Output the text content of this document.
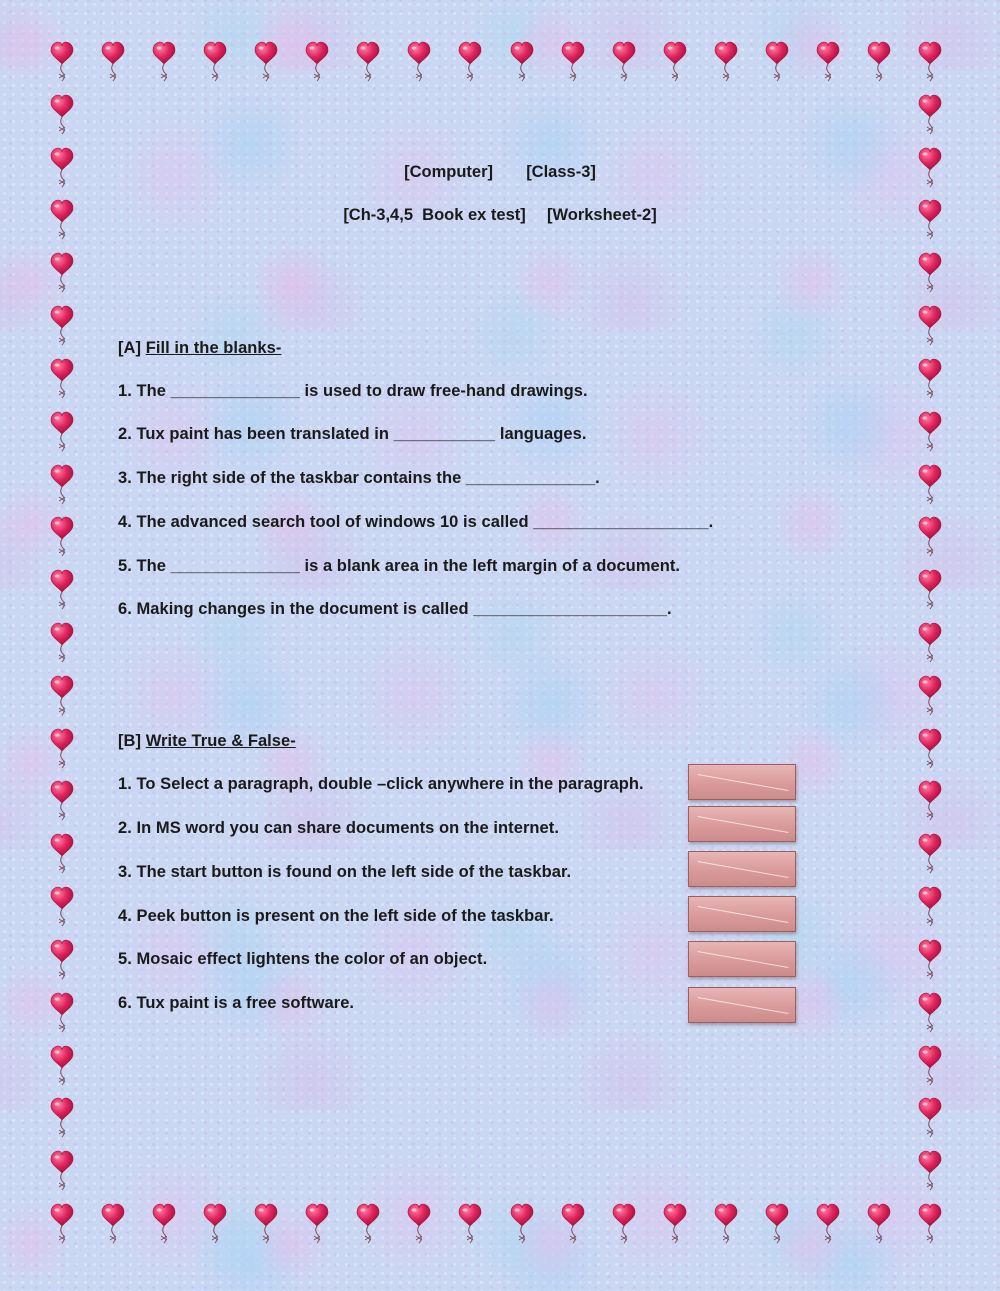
[Computer] [Class-3]
[Ch-3,4,5  Book ex test] [Worksheet-2]
[A] Fill in the blanks-
1. The ______________ is used to draw free-hand drawings.
2. Tux paint has been translated in ___________ languages.
3. The right side of the taskbar contains the ______________.
4. The advanced search tool of windows 10 is called ___________________.
5. The ______________ is a blank area in the left margin of a document.
6. Making changes in the document is called _____________________.
[B] Write True & False-
1. To Select a paragraph, double –click anywhere in the paragraph.
2. In MS word you can share documents on the internet.
3. The start button is found on the left side of the taskbar.
4. Peek button is present on the left side of the taskbar.
5. Mosaic effect lightens the color of an object.
6. Tux paint is a free software.
